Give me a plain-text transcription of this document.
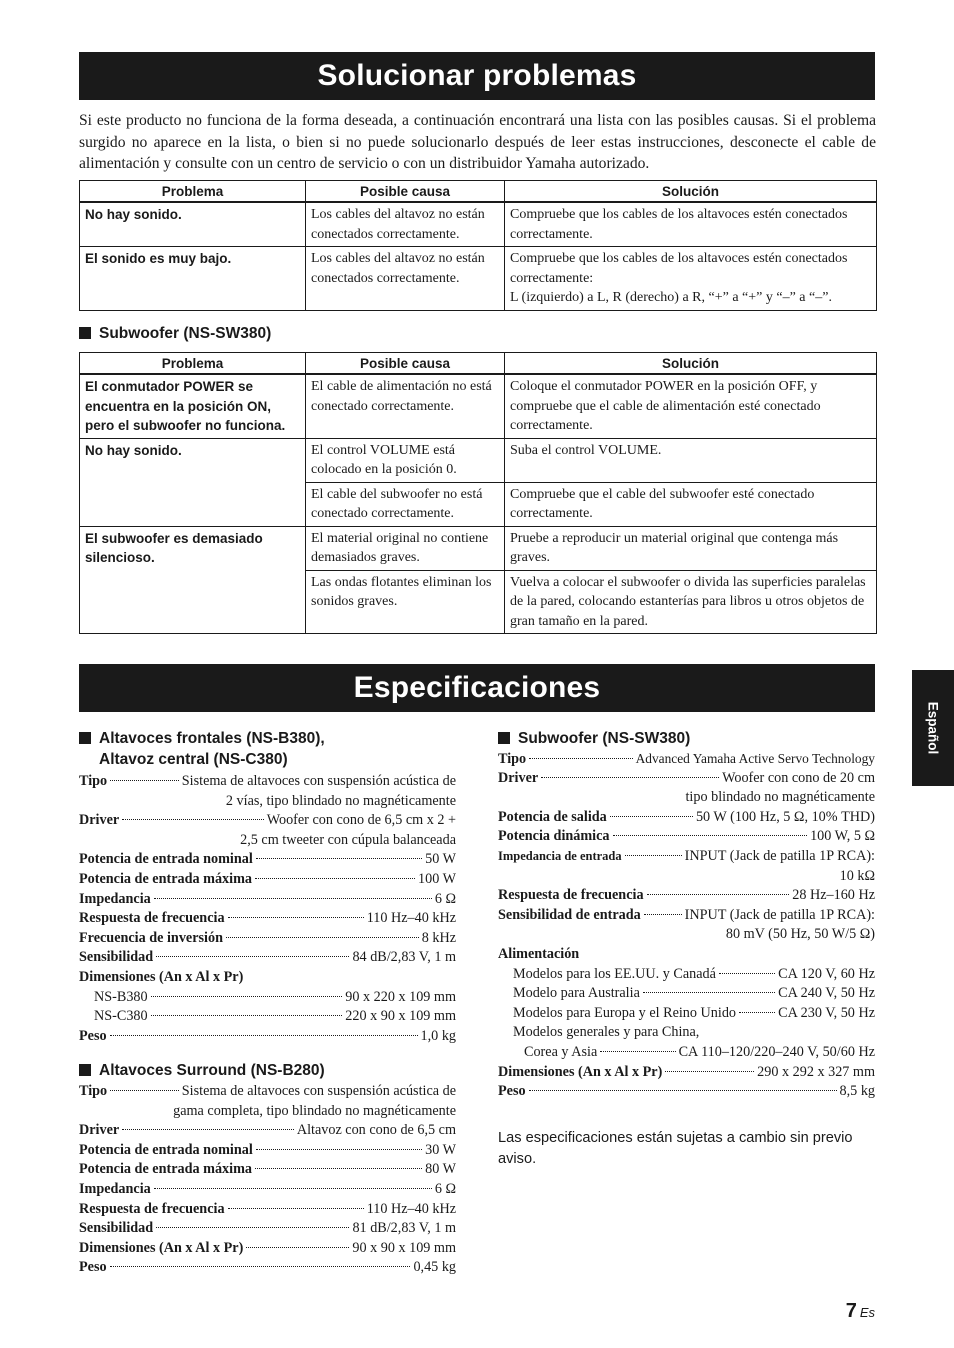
Solucionar problemas

Si este producto no funciona de la forma deseada, a continuación encontrará una lista con las posibles causas. Si el problema surgido no aparece en la lista, o bien si no puede solucionarlo después de leer estas instrucciones, desconecte el cable de alimentación y consulte con un centro de servicio o con un distribuidor Yamaha autorizado.

Problema	Posible causa	Solución
No hay sonido.	Los cables del altavoz no están conectados correctamente.	Compruebe que los cables de los altavoces estén conectados correctamente.
El sonido es muy bajo.	Los cables del altavoz no están conectados correctamente.	Compruebe que los cables de los altavoces estén conectados correctamente:
L (izquierdo) a L, R (derecho) a R, “+” a “+” y “–” a “–”.
Subwoofer (NS-SW380)
Problema	Posible causa	Solución
El conmutador POWER se encuentra en la posición ON, pero el subwoofer no funciona.	El cable de alimentación no está conectado correctamente.	Coloque el conmutador POWER en la posición OFF, y compruebe que el cable de alimentación esté conectado correctamente.
No hay sonido.	El control VOLUME está colocado en la posición 0.	Suba el control VOLUME.
	El cable del subwoofer no está conectado correctamente.	Compruebe que el cable del subwoofer esté conectado correctamente.
El subwoofer es demasiado silencioso.	El material original no contiene demasiados graves.	Pruebe a reproducir un material original que contenga más graves.
	Las ondas flotantes eliminan los sonidos graves.	Vuelva a colocar el subwoofer o divida las superficies paralelas de la pared, colocando estanterías para libros u otros objetos de gran tamaño en la pared.
Especificaciones
Español
Altavoces frontales (NS-B380),
Altavoz central (NS-C380)
Tipo	Sistema de altavoces con suspensión acústica de
2 vías, tipo blindado no magnéticamente
Driver	Woofer con cono de 6,5 cm x 2 +
2,5 cm tweeter con cúpula balanceada
Potencia de entrada nominal	50 W
Potencia de entrada máxima	100 W
Impedancia	6 Ω
Respuesta de frecuencia	110 Hz–40 kHz
Frecuencia de inversión	8 kHz
Sensibilidad	84 dB/2,83 V, 1 m
Dimensiones (An x Al x Pr)
NS-B380	90 x 220 x 109 mm
NS-C380	220 x 90 x 109 mm
Peso	1,0 kg
Altavoces Surround (NS-B280)
Tipo	Sistema de altavoces con suspensión acústica de
gama completa, tipo blindado no magnéticamente
Driver	Altavoz con cono de 6,5 cm
Potencia de entrada nominal	30 W
Potencia de entrada máxima	80 W
Impedancia	6 Ω
Respuesta de frecuencia	110 Hz–40 kHz
Sensibilidad	81 dB/2,83 V, 1 m
Dimensiones (An x Al x Pr)	90 x 90 x 109 mm
Peso	0,45 kg
Subwoofer (NS-SW380)
Tipo	Advanced Yamaha Active Servo Technology
Driver	Woofer con cono de 20 cm
tipo blindado no magnéticamente
Potencia de salida	50 W (100 Hz, 5 Ω, 10% THD)
Potencia dinámica	100 W, 5 Ω
Impedancia de entrada	INPUT (Jack de patilla 1P RCA):
10 kΩ
Respuesta de frecuencia	28 Hz–160 Hz
Sensibilidad de entrada	INPUT (Jack de patilla 1P RCA):
80 mV (50 Hz, 50 W/5 Ω)
Alimentación
Modelos para los EE.UU. y Canadá	CA 120 V, 60 Hz
Modelo para Australia	CA 240 V, 50 Hz
Modelos para Europa y el Reino Unido	CA 230 V, 50 Hz
Modelos generales y para China,
Corea y Asia	CA 110–120/220–240 V, 50/60 Hz
Dimensiones (An x Al x Pr)	290 x 292 x 327 mm
Peso	8,5 kg

Las especificaciones están sujetas a cambio sin previo aviso.

7 Es
